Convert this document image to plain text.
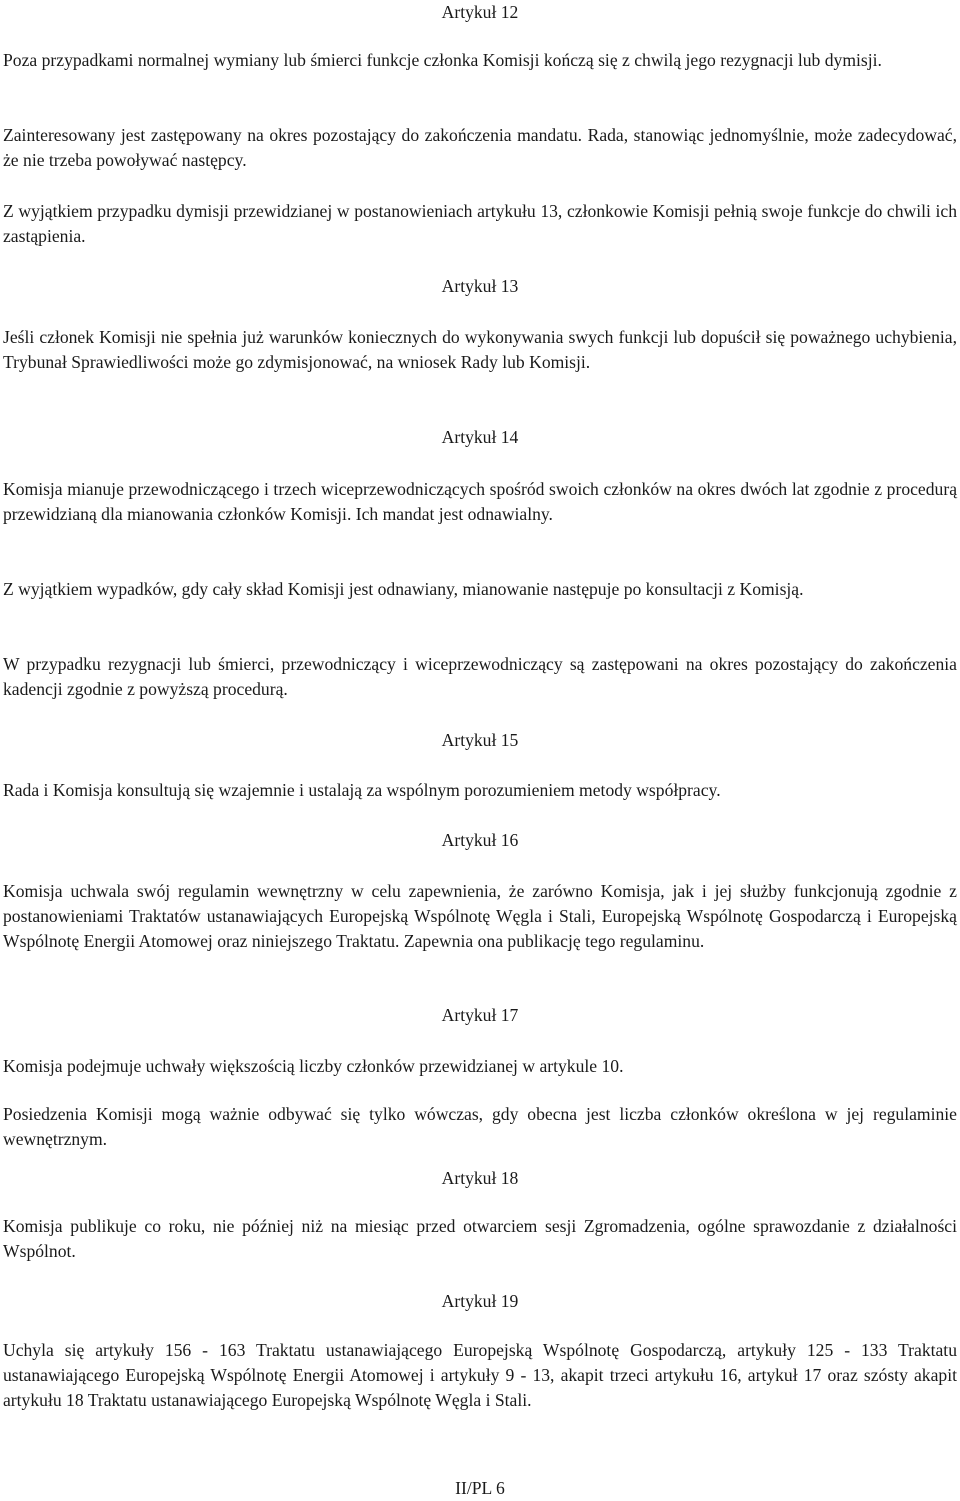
Artykuł 12

Poza przypadkami normalnej wymiany lub śmierci funkcje członka Komisji kończą się z chwilą jego rezygnacji lub dymisji.

Zainteresowany jest zastępowany na okres pozostający do zakończenia mandatu. Rada, stanowiąc jednomyślnie, może zadecydować, że nie trzeba powoływać następcy.

Z wyjątkiem przypadku dymisji przewidzianej w postanowieniach artykułu 13, członkowie Komisji pełnią swoje funkcje do chwili ich zastąpienia.

Artykuł 13

Jeśli członek Komisji nie spełnia już warunków koniecznych do wykonywania swych funkcji lub dopuścił się poważnego uchybienia, Trybunał Sprawiedliwości może go zdymisjonować, na wniosek Rady lub Komisji.

Artykuł 14

Komisja mianuje przewodniczącego i trzech wiceprzewodniczących spośród swoich członków na okres dwóch lat zgodnie z procedurą przewidzianą dla mianowania członków Komisji. Ich mandat jest odnawialny.

Z wyjątkiem wypadków, gdy cały skład Komisji jest odnawiany, mianowanie następuje po konsultacji z Komisją.

W przypadku rezygnacji lub śmierci, przewodniczący i wiceprzewodniczący są zastępowani na okres pozostający do zakończenia kadencji zgodnie z powyższą procedurą.

Artykuł 15

Rada i Komisja konsultują się wzajemnie i ustalają za wspólnym porozumieniem metody współpracy.

Artykuł 16

Komisja uchwala swój regulamin wewnętrzny w celu zapewnienia, że zarówno Komisja, jak i jej służby funkcjonują zgodnie z postanowieniami Traktatów ustanawiających Europejską Wspólnotę Węgla i Stali, Europejską Wspólnotę Gospodarczą i Europejską Wspólnotę Energii Atomowej oraz niniejszego Traktatu. Zapewnia ona publikację tego regulaminu.

Artykuł 17

Komisja podejmuje uchwały większością liczby członków przewidzianej w artykule 10.

Posiedzenia Komisji mogą ważnie odbywać się tylko wówczas, gdy obecna jest liczba członków określona w jej regulaminie wewnętrznym.

Artykuł 18

Komisja publikuje co roku, nie później niż na miesiąc przed otwarciem sesji Zgromadzenia, ogólne sprawozdanie z działalności Wspólnot.

Artykuł 19

Uchyla się artykuły 156 - 163 Traktatu ustanawiającego Europejską Wspólnotę Gospodarczą, artykuły 125 - 133 Traktatu ustanawiającego Europejską Wspólnotę Energii Atomowej i artykuły 9 - 13, akapit trzeci artykułu 16, artykuł 17 oraz szósty akapit artykułu 18 Traktatu ustanawiającego Europejską Wspólnotę Węgla i Stali.

II/PL 6
